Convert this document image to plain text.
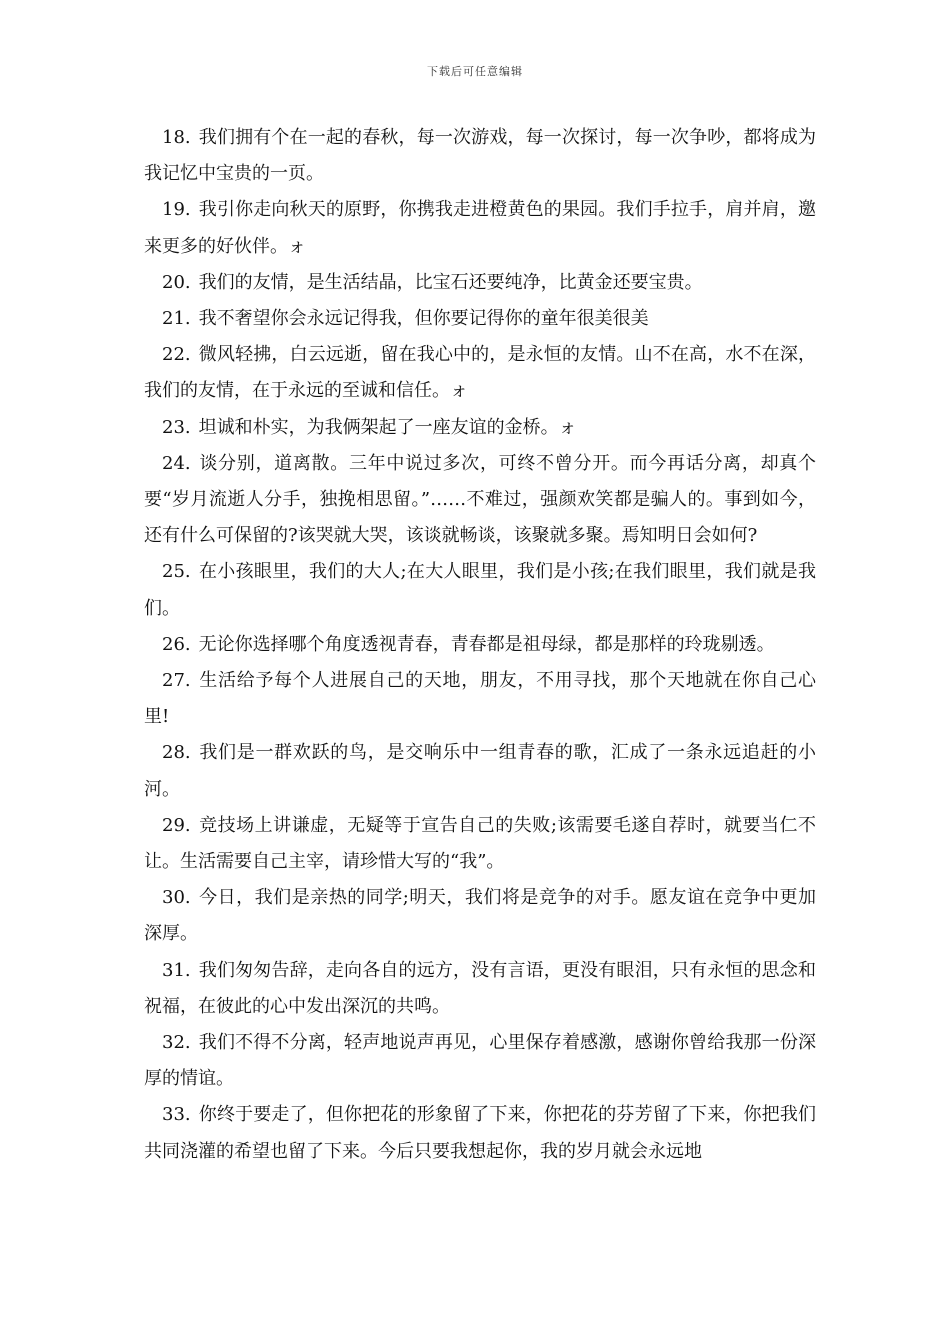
下载后可任意编辑

18. 我们拥有个在一起的春秋，每一次游戏，每一次探讨，每一次争吵，都将成为我记忆中宝贵的一页。

19. 我引你走向秋天的原野，你携我走进橙黄色的果园。我们手拉手，肩并肩，邀来更多的好伙伴。ォ

20. 我们的友情，是生活结晶，比宝石还要纯净，比黄金还要宝贵。

21. 我不奢望你会永远记得我，但你要记得你的童年很美很美

22. 微风轻拂，白云远逝，留在我心中的，是永恒的友情。山不在高，水不在深，我们的友情，在于永远的至诚和信任。ォ

23. 坦诚和朴实，为我俩架起了一座友谊的金桥。ォ

24. 谈分别，道离散。三年中说过多次，可终不曾分开。而今再话分离，却真个要“岁月流逝人分手，独挽相思留。”……不难过，强颜欢笑都是骗人的。事到如今，还有什么可保留的?该哭就大哭，该谈就畅谈，该聚就多聚。焉知明日会如何?

25. 在小孩眼里，我们的大人;在大人眼里，我们是小孩;在我们眼里，我们就是我们。

26. 无论你选择哪个角度透视青春，青春都是祖母绿，都是那样的玲珑剔透。

27. 生活给予每个人进展自己的天地，朋友，不用寻找，那个天地就在你自己心里!

28. 我们是一群欢跃的鸟，是交响乐中一组青春的歌，汇成了一条永远追赶的小河。

29. 竞技场上讲谦虚，无疑等于宣告自己的失败;该需要毛遂自荐时，就要当仁不让。生活需要自己主宰，请珍惜大写的“我”。

30. 今日，我们是亲热的同学;明天，我们将是竞争的对手。愿友谊在竞争中更加深厚。

31. 我们匆匆告辞，走向各自的远方，没有言语，更没有眼泪，只有永恒的思念和祝福，在彼此的心中发出深沉的共鸣。

32. 我们不得不分离，轻声地说声再见，心里保存着感激，感谢你曾给我那一份深厚的情谊。

33. 你终于要走了，但你把花的形象留了下来，你把花的芬芳留了下来，你把我们共同浇灌的希望也留了下来。今后只要我想起你，我的岁月就会永远地
